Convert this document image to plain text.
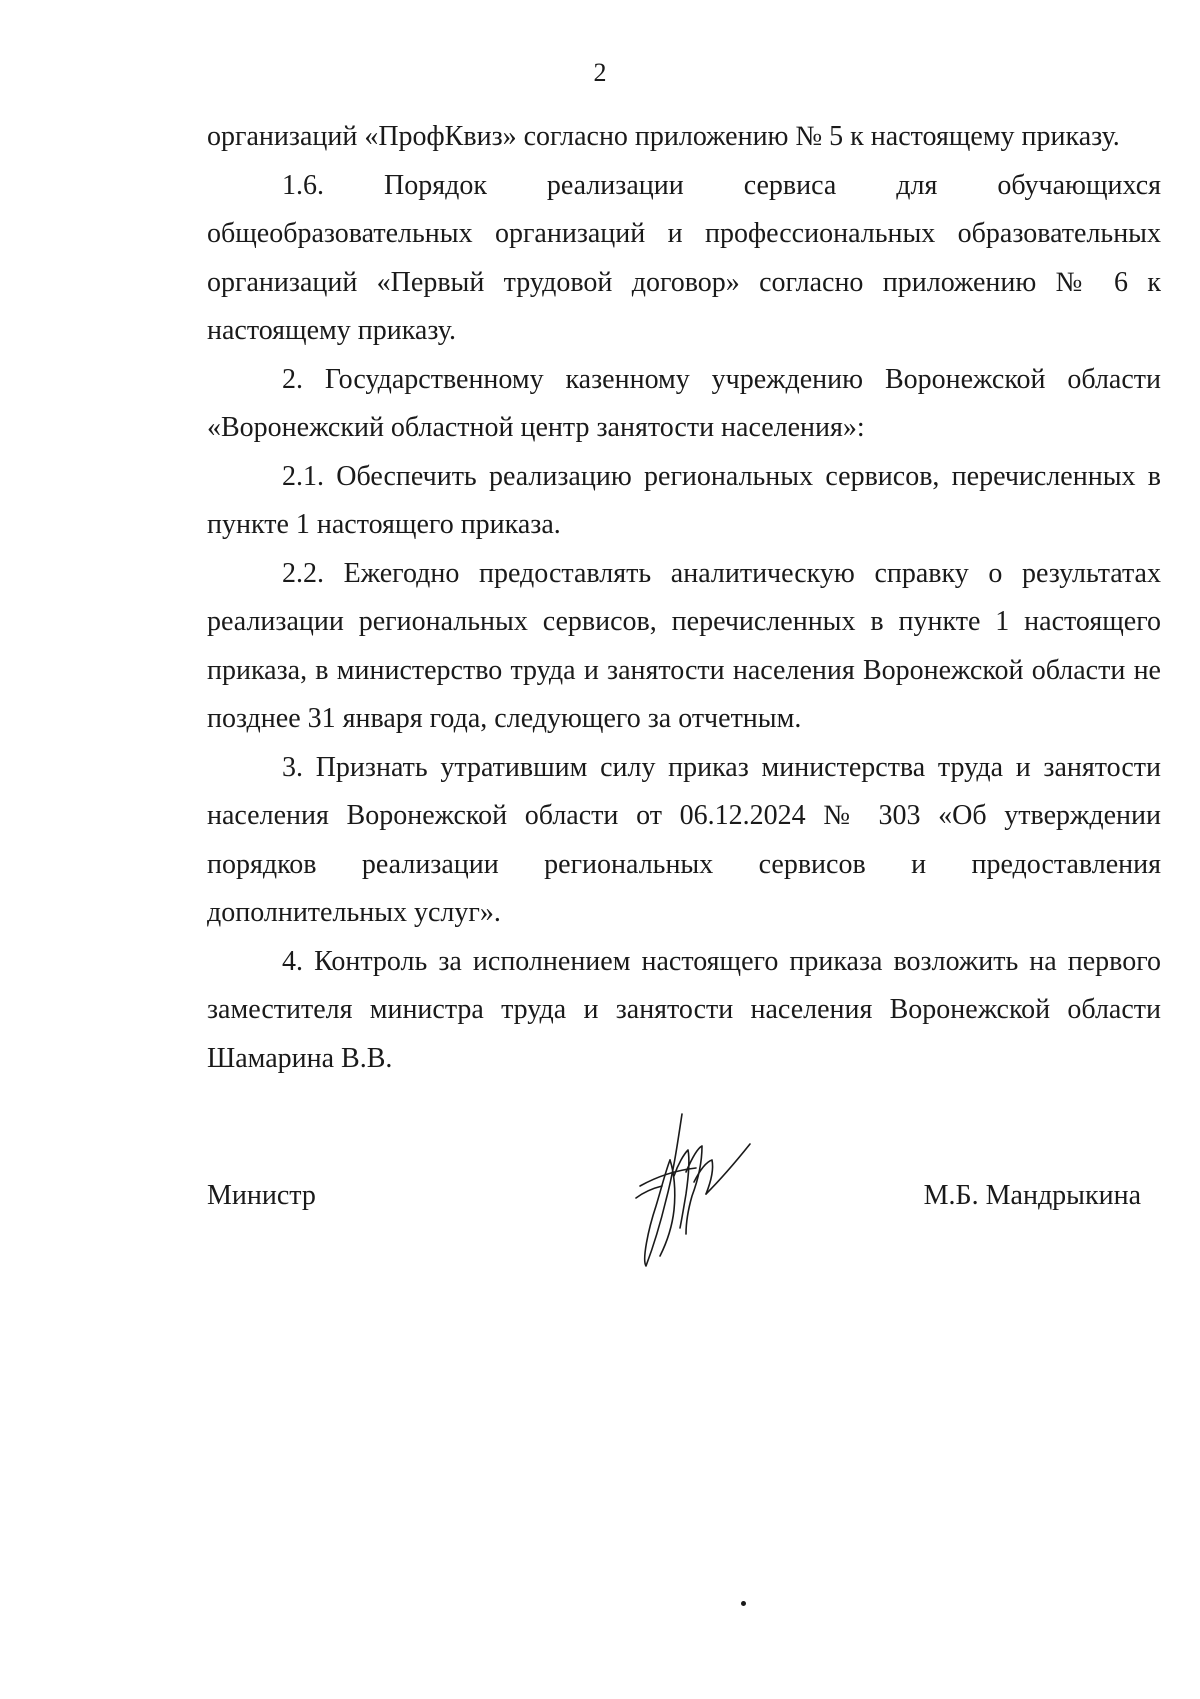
2

организаций «ПрофКвиз» согласно приложению № 5 к настоящему приказу.

1.6. Порядок реализации сервиса для обучающихся общеобразовательных организаций и профессиональных образовательных организаций «Первый трудовой договор» согласно приложению № 6 к настоящему приказу.

2. Государственному казенному учреждению Воронежской области «Воронежский областной центр занятости населения»:

2.1. Обеспечить реализацию региональных сервисов, перечисленных в пункте 1 настоящего приказа.

2.2. Ежегодно предоставлять аналитическую справку о результатах реализации региональных сервисов, перечисленных в пункте 1 настоящего приказа, в министерство труда и занятости населения Воронежской области не позднее 31 января года, следующего за отчетным.

3. Признать утратившим силу приказ министерства труда и занятости населения Воронежской области от 06.12.2024 № 303 «Об утверждении порядков реализации региональных сервисов и предоставления дополнительных услуг».

4. Контроль за исполнением настоящего приказа возложить на первого заместителя министра труда и занятости населения Воронежской области Шамарина В.В.

Министр	М.Б. Мандрыкина
